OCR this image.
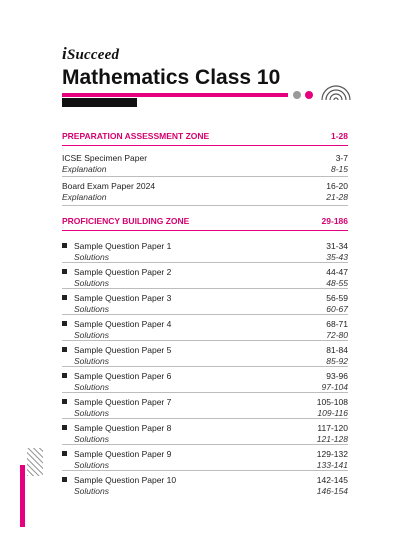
iSucceed
Mathematics Class 10
PREPARATION ASSESSMENT ZONE	1-28
ICSE Specimen Paper	3-7
Explanation	8-15
Board Exam Paper 2024	16-20
Explanation	21-28
PROFICIENCY BUILDING ZONE	29-186
Sample Question Paper 1	31-34
Solutions	35-43
Sample Question Paper 2	44-47
Solutions	48-55
Sample Question Paper 3	56-59
Solutions	60-67
Sample Question Paper 4	68-71
Solutions	72-80
Sample Question Paper 5	81-84
Solutions	85-92
Sample Question Paper 6	93-96
Solutions	97-104
Sample Question Paper 7	105-108
Solutions	109-116
Sample Question Paper 8	117-120
Solutions	121-128
Sample Question Paper 9	129-132
Solutions	133-141
Sample Question Paper 10	142-145
Solutions	146-154
